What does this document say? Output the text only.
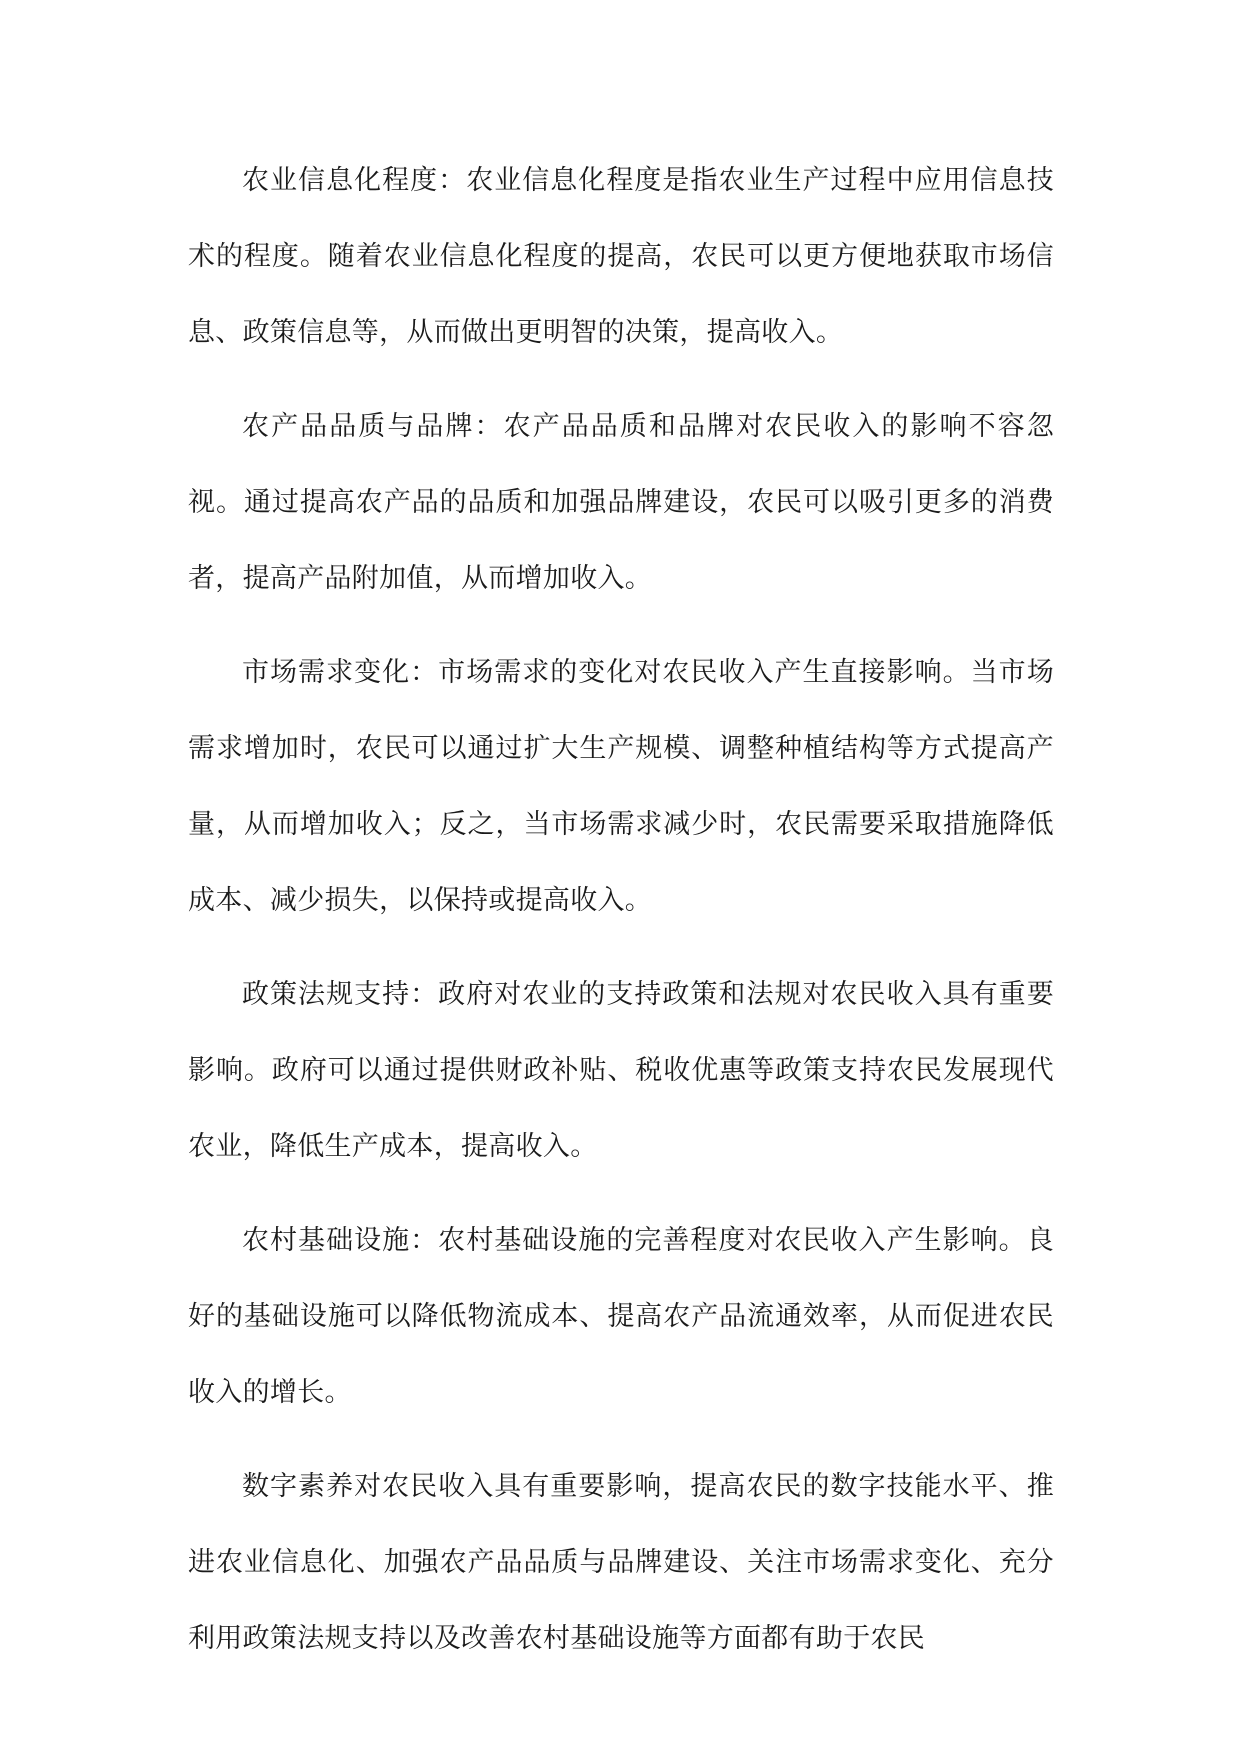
农业信息化程度：农业信息化程度是指农业生产过程中应用信息技术的程度。随着农业信息化程度的提高，农民可以更方便地获取市场信息、政策信息等，从而做出更明智的决策，提高收入。

农产品品质与品牌：农产品品质和品牌对农民收入的影响不容忽视。通过提高农产品的品质和加强品牌建设，农民可以吸引更多的消费者，提高产品附加值，从而增加收入。

市场需求变化：市场需求的变化对农民收入产生直接影响。当市场需求增加时，农民可以通过扩大生产规模、调整种植结构等方式提高产量，从而增加收入；反之，当市场需求减少时，农民需要采取措施降低成本、减少损失，以保持或提高收入。

政策法规支持：政府对农业的支持政策和法规对农民收入具有重要影响。政府可以通过提供财政补贴、税收优惠等政策支持农民发展现代农业，降低生产成本，提高收入。

农村基础设施：农村基础设施的完善程度对农民收入产生影响。良好的基础设施可以降低物流成本、提高农产品流通效率，从而促进农民收入的增长。

数字素养对农民收入具有重要影响，提高农民的数字技能水平、推进农业信息化、加强农产品品质与品牌建设、关注市场需求变化、充分利用政策法规支持以及改善农村基础设施等方面都有助于农民
